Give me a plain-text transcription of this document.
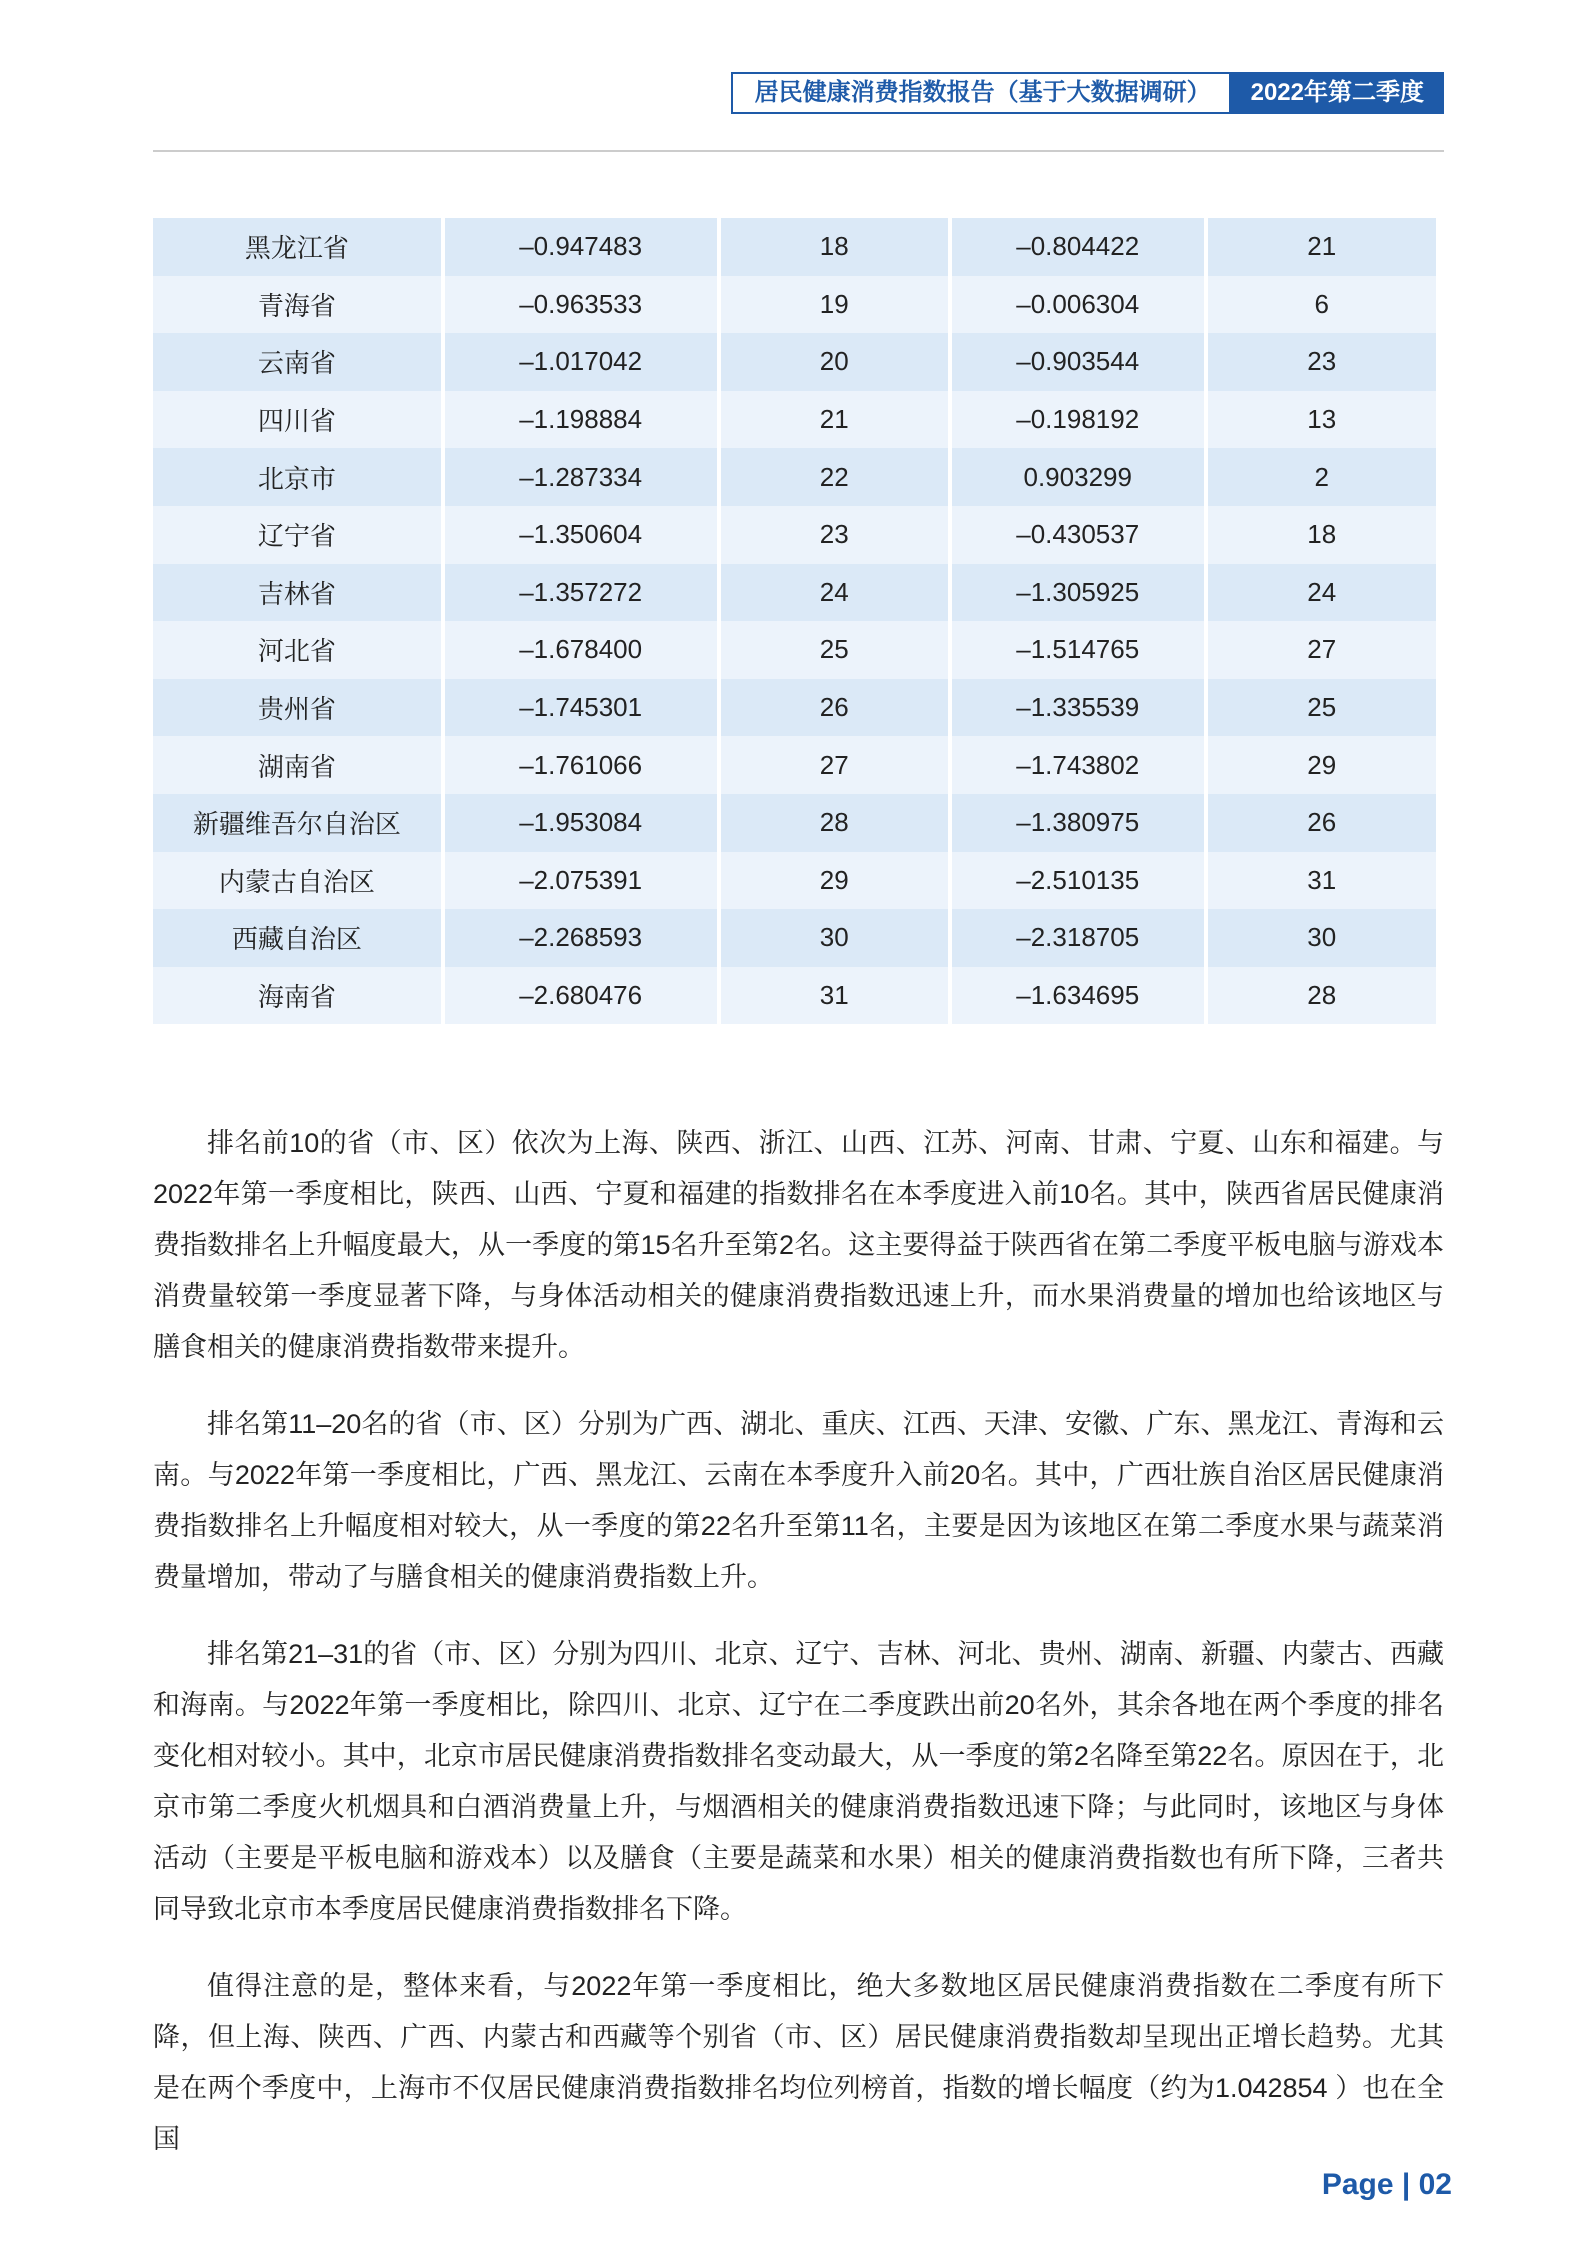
居民健康消费指数报告（基于大数据调研）	2022年第二季度
黑龙江省	–0.947483	18	–0.804422	21
青海省	–0.963533	19	–0.006304	6
云南省	–1.017042	20	–0.903544	23
四川省	–1.198884	21	–0.198192	13
北京市	–1.287334	22	0.903299	2
辽宁省	–1.350604	23	–0.430537	18
吉林省	–1.357272	24	–1.305925	24
河北省	–1.678400	25	–1.514765	27
贵州省	–1.745301	26	–1.335539	25
湖南省	–1.761066	27	–1.743802	29
新疆维吾尔自治区	–1.953084	28	–1.380975	26
内蒙古自治区	–2.075391	29	–2.510135	31
西藏自治区	–2.268593	30	–2.318705	30
海南省	–2.680476	31	–1.634695	28

排名前10的省（市、区）依次为上海、陕西、浙江、山西、江苏、河南、甘肃、宁夏、山东和福建。与2022年第一季度相比，陕西、山西、宁夏和福建的指数排名在本季度进入前10名。其中，陕西省居民健康消费指数排名上升幅度最大，从一季度的第15名升至第2名。这主要得益于陕西省在第二季度平板电脑与游戏本消费量较第一季度显著下降，与身体活动相关的健康消费指数迅速上升，而水果消费量的增加也给该地区与膳食相关的健康消费指数带来提升。

排名第11–20名的省（市、区）分别为广西、湖北、重庆、江西、天津、安徽、广东、黑龙江、青海和云南。与2022年第一季度相比，广西、黑龙江、云南在本季度升入前20名。其中，广西壮族自治区居民健康消费指数排名上升幅度相对较大，从一季度的第22名升至第11名，主要是因为该地区在第二季度水果与蔬菜消费量增加，带动了与膳食相关的健康消费指数上升。

排名第21–31的省（市、区）分别为四川、北京、辽宁、吉林、河北、贵州、湖南、新疆、内蒙古、西藏和海南。与2022年第一季度相比，除四川、北京、辽宁在二季度跌出前20名外，其余各地在两个季度的排名变化相对较小。其中，北京市居民健康消费指数排名变动最大，从一季度的第2名降至第22名。原因在于，北京市第二季度火机烟具和白酒消费量上升，与烟酒相关的健康消费指数迅速下降；与此同时，该地区与身体活动（主要是平板电脑和游戏本）以及膳食（主要是蔬菜和水果）相关的健康消费指数也有所下降，三者共同导致北京市本季度居民健康消费指数排名下降。

值得注意的是，整体来看，与2022年第一季度相比，绝大多数地区居民健康消费指数在二季度有所下降，但上海、陕西、广西、内蒙古和西藏等个别省（市、区）居民健康消费指数却呈现出正增长趋势。尤其是在两个季度中，上海市不仅居民健康消费指数排名均位列榜首，指数的增长幅度（约为1.042854 ）也在全国

Page | 02
